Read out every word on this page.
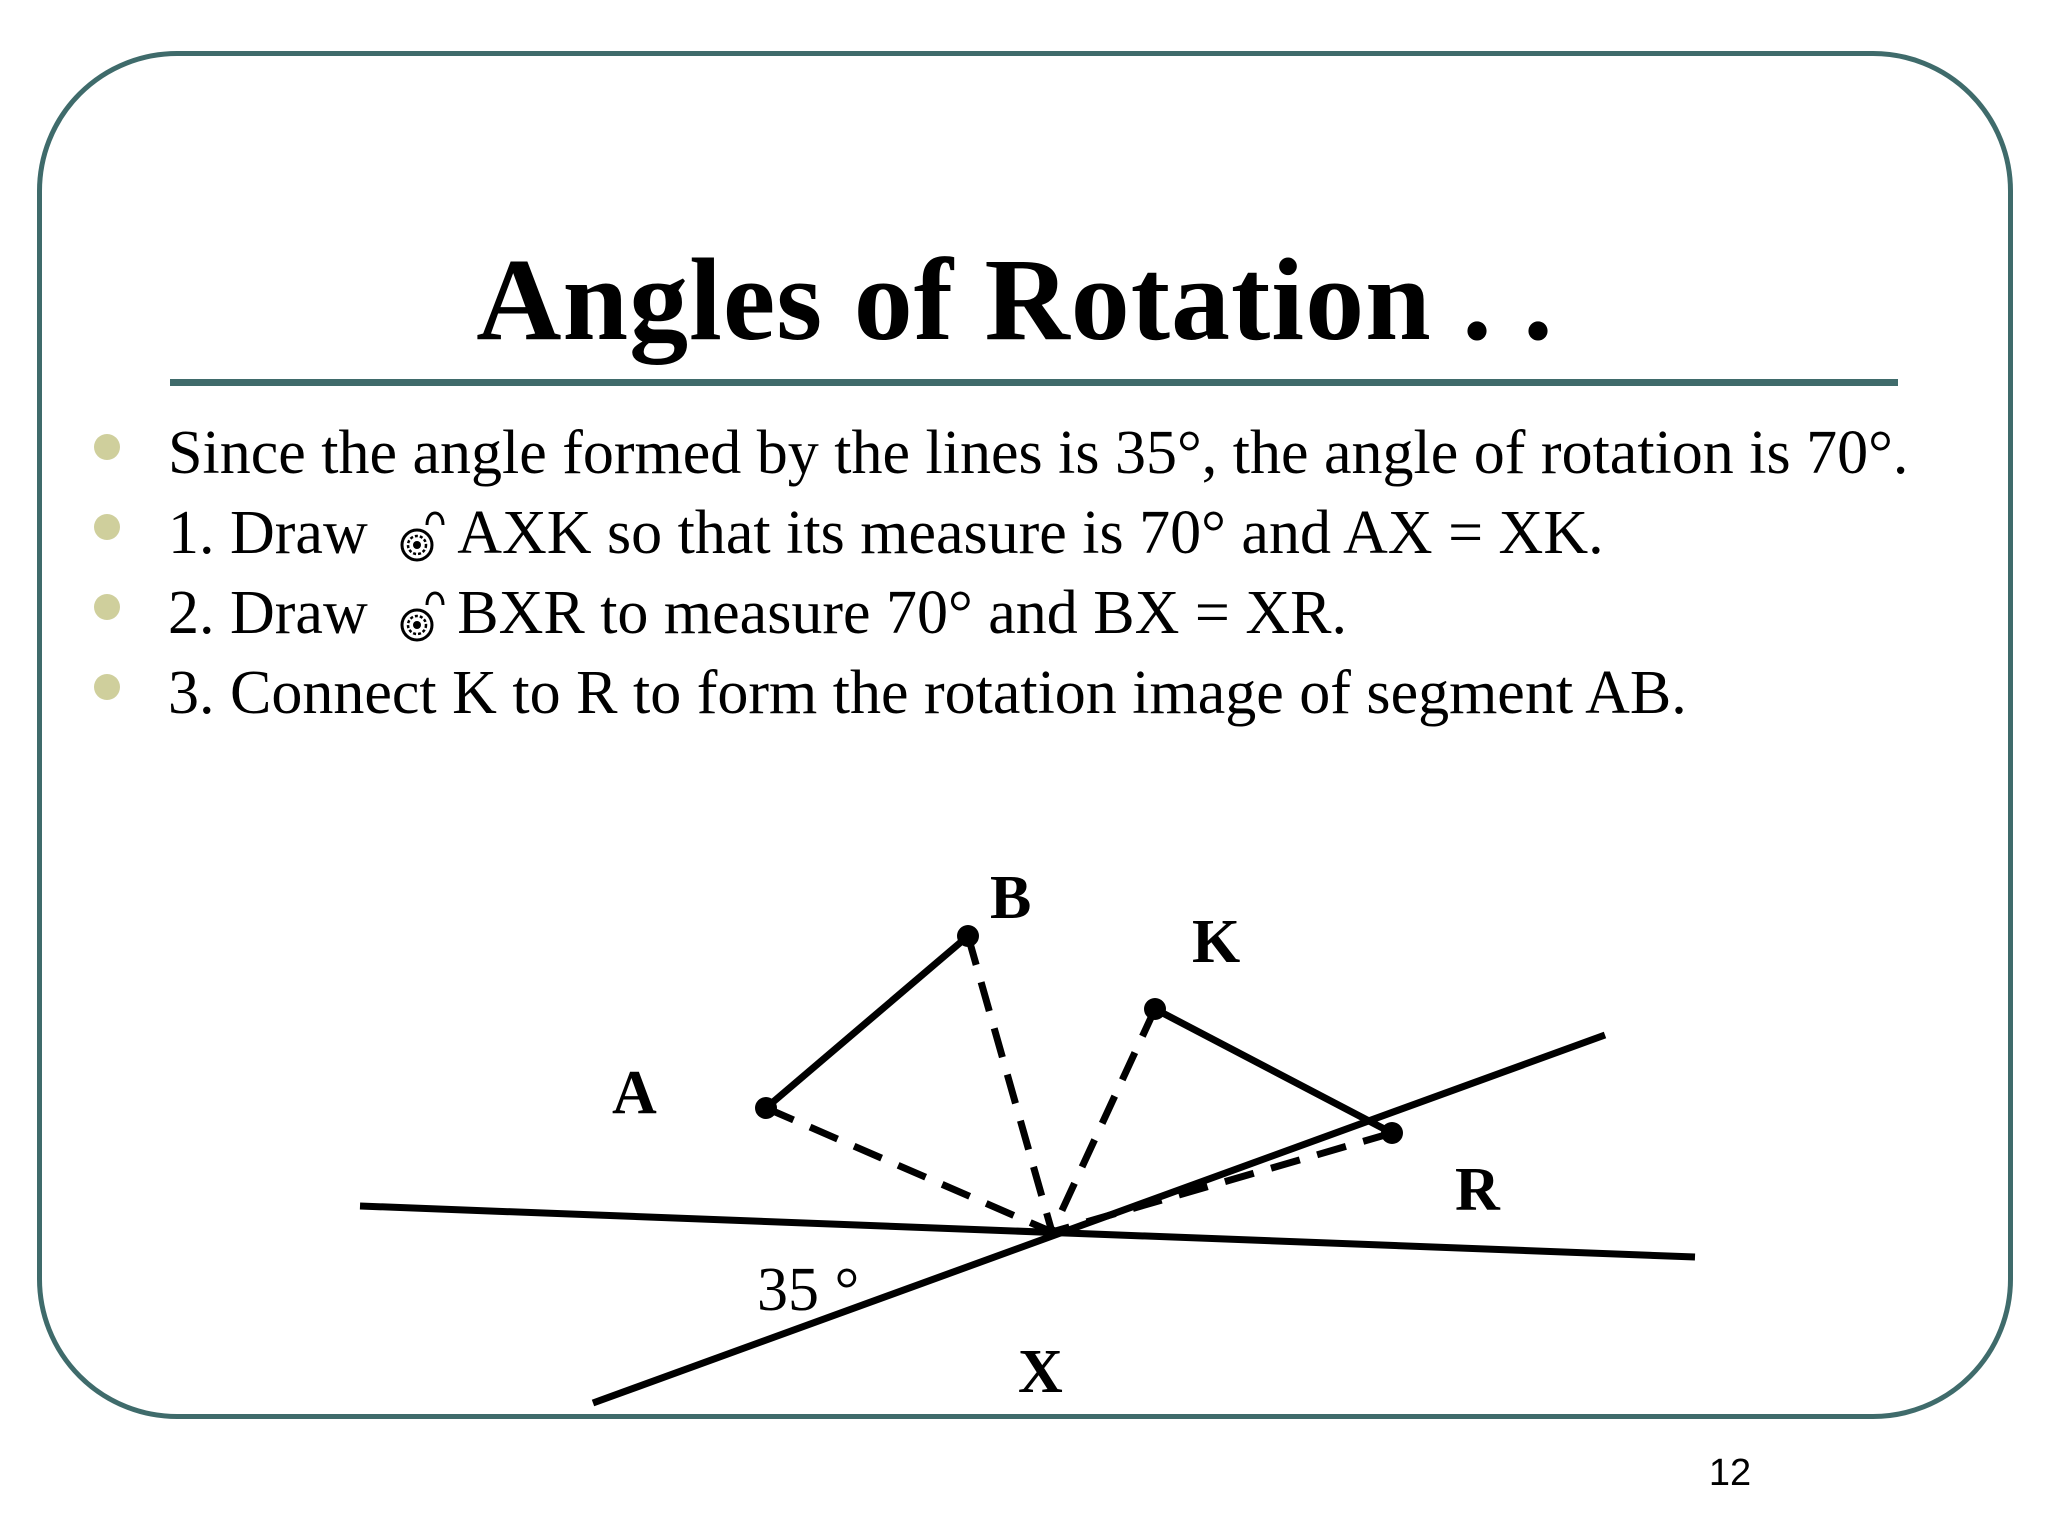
Angles of Rotation . .
Since the angle formed by the lines is 35°, the angle of rotation is 70°.
1. Draw AXK so that its measure is 70° and AX = XK.
2. Draw BXR to measure 70° and BX = XR.
3. Connect K to R to form the rotation image of segment AB.
B
K
A
R
X
35 °
12
